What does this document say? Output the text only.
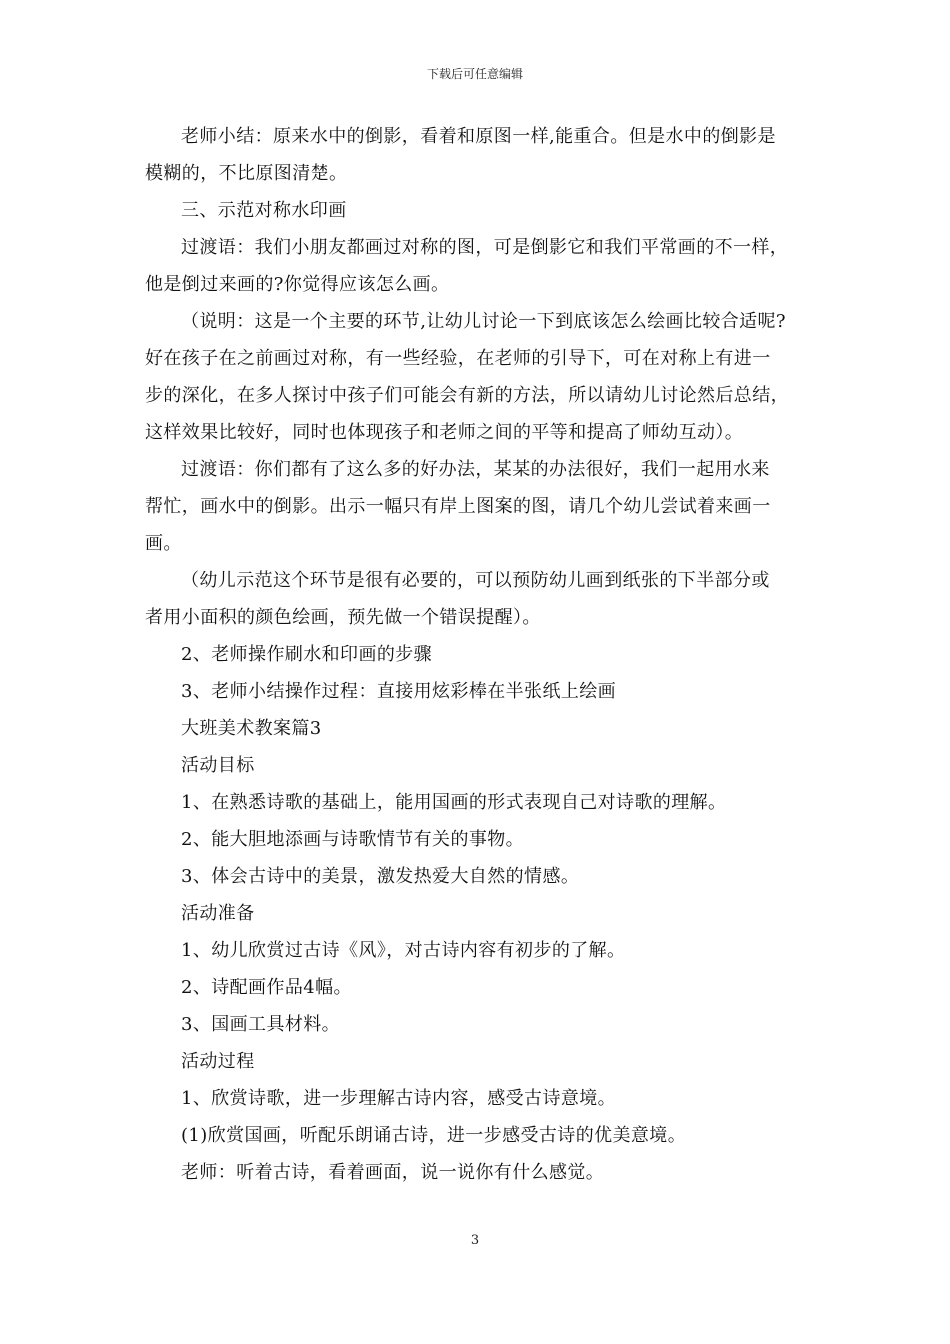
下载后可任意编辑

老师小结：原来水中的倒影，看着和原图一样,能重合。但是水中的倒影是
模糊的，不比原图清楚。

三、示范对称水印画

过渡语：我们小朋友都画过对称的图，可是倒影它和我们平常画的不一样，
他是倒过来画的?你觉得应该怎么画。

（说明：这是一个主要的环节,让幼儿讨论一下到底该怎么绘画比较合适呢?
好在孩子在之前画过对称，有一些经验，在老师的引导下，可在对称上有进一
步的深化，在多人探讨中孩子们可能会有新的方法，所以请幼儿讨论然后总结，
这样效果比较好，同时也体现孩子和老师之间的平等和提高了师幼互动）。

过渡语：你们都有了这么多的好办法，某某的办法很好，我们一起用水来
帮忙，画水中的倒影。出示一幅只有岸上图案的图，请几个幼儿尝试着来画一
画。

（幼儿示范这个环节是很有必要的，可以预防幼儿画到纸张的下半部分或
者用小面积的颜色绘画，预先做一个错误提醒）。

2、老师操作刷水和印画的步骤

3、老师小结操作过程：直接用炫彩棒在半张纸上绘画

大班美术教案篇3

活动目标

1、在熟悉诗歌的基础上，能用国画的形式表现自己对诗歌的理解。

2、能大胆地添画与诗歌情节有关的事物。

3、体会古诗中的美景，激发热爱大自然的情感。

活动准备

1、幼儿欣赏过古诗《风》，对古诗内容有初步的了解。

2、诗配画作品4幅。

3、国画工具材料。

活动过程

1、欣赏诗歌，进一步理解古诗内容，感受古诗意境。

(1)欣赏国画，听配乐朗诵古诗，进一步感受古诗的优美意境。

老师：听着古诗，看着画面，说一说你有什么感觉。

3
